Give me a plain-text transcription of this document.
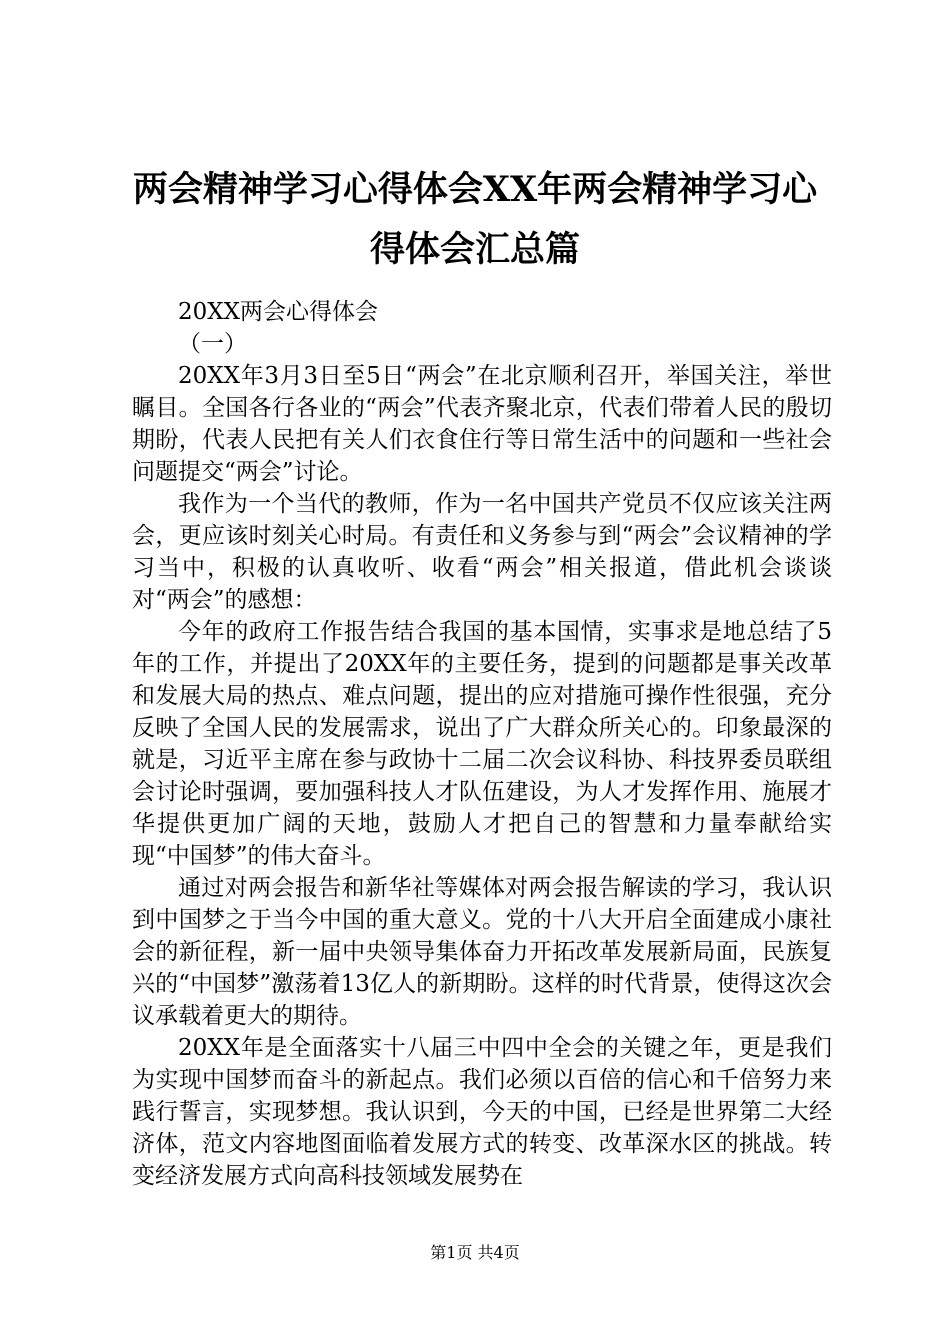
两会精神学习心得体会XX年两会精神学习心得体会汇总篇

20XX两会心得体会

（一）

20XX年3月3日至5日“两会”在北京顺利召开，举国关注，举世瞩目。全国各行各业的“两会”代表齐聚北京，代表们带着人民的殷切期盼，代表人民把有关人们衣食住行等日常生活中的问题和一些社会问题提交“两会”讨论。

我作为一个当代的教师，作为一名中国共产党员不仅应该关注两会，更应该时刻关心时局。有责任和义务参与到“两会”会议精神的学习当中，积极的认真收听、收看“两会”相关报道，借此机会谈谈对“两会”的感想：

今年的政府工作报告结合我国的基本国情，实事求是地总结了5年的工作，并提出了20XX年的主要任务，提到的问题都是事关改革和发展大局的热点、难点问题，提出的应对措施可操作性很强，充分反映了全国人民的发展需求，说出了广大群众所关心的。印象最深的就是，习近平主席在参与政协十二届二次会议科协、科技界委员联组会讨论时强调，要加强科技人才队伍建设，为人才发挥作用、施展才华提供更加广阔的天地，鼓励人才把自己的智慧和力量奉献给实现“中国梦”的伟大奋斗。

通过对两会报告和新华社等媒体对两会报告解读的学习，我认识到中国梦之于当今中国的重大意义。党的十八大开启全面建成小康社会的新征程，新一届中央领导集体奋力开拓改革发展新局面，民族复兴的“中国梦”激荡着13亿人的新期盼。这样的时代背景，使得这次会议承载着更大的期待。

20XX年是全面落实十八届三中四中全会的关键之年，更是我们为实现中国梦而奋斗的新起点。我们必须以百倍的信心和千倍努力来践行誓言，实现梦想。我认识到，今天的中国，已经是世界第二大经济体，范文内容地图面临着发展方式的转变、改革深水区的挑战。转变经济发展方式向高科技领域发展势在

第1页 共4页
